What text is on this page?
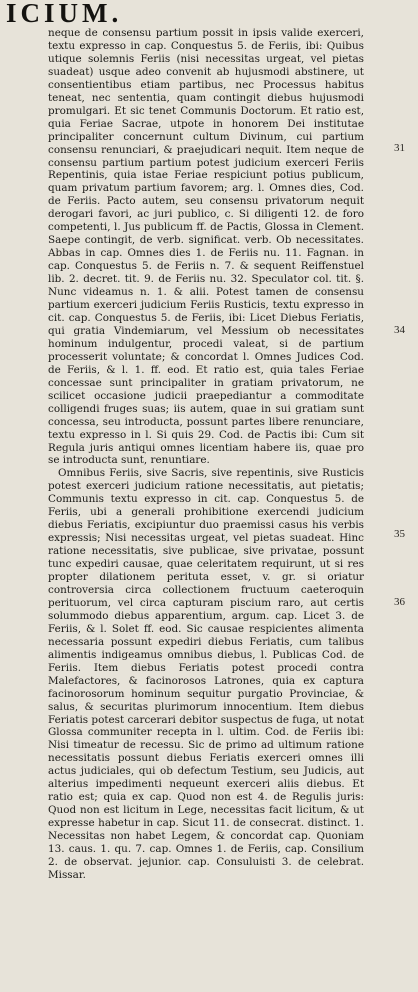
ICIUM.

neque de consensu partium possit in ipsis valide exerceri, textu expresso in cap. Conquestus 5. de Feriis, ibi: Quibus utique solemnis Feriis (nisi necessitas urgeat, vel pietas suadeat) usque adeo convenit ab hujusmodi abstinere, ut consentientibus etiam partibus, nec Processus habitus teneat, nec sententia, quam contingit diebus hujusmodi promulgari. Et sic tenet Communis Doctorum. Et ratio est, quia Feriae Sacrae, utpote in honorem Dei institutae principaliter concernunt cultum Divinum, cui partium consensu renunciari, & praejudicari nequit. Item neque de consensu partium partium potest judicium exerceri Feriis Repentinis, quia istae Feriae respiciunt potius publicum, quam privatum partium favorem; arg. l. Omnes dies, Cod. de Feriis. Pacto autem, seu consensu privatorum nequit derogari favori, ac juri publico, c. Si diligenti 12. de foro competenti, l. Jus publicum ff. de Pactis, Glossa in Clement. Saepe contingit, de verb. significat. verb. Ob necessitates. Abbas in cap. Omnes dies 1. de Feriis nu. 11. Fagnan. in cap. Conquestus 5. de Feriis n. 7. & sequent Reiffenstuel lib. 2. decret. tit. 9. de Feriis nu. 32. Speculator col. tit. §. Nunc videamus n. 1. & alii. Potest tamen de consensu partium exerceri judicium Feriis Rusticis, textu expresso in cit. cap. Conquestus 5. de Feriis, ibi: Licet Diebus Feriatis, qui gratia Vindemiarum, vel Messium ob necessitates hominum indulgentur, procedi valeat, si de partium processerit voluntate; & concordat l. Omnes Judices Cod. de Feriis, & l. 1. ff. eod. Et ratio est, quia tales Feriae concessae sunt principaliter in gratiam privatorum, ne scilicet occasione judicii praepediantur a commoditate colligendi fruges suas; iis autem, quae in sui gratiam sunt concessa, seu introducta, possunt partes libere renunciare, textu expresso in l. Si quis 29. Cod. de Pactis ibi: Cum sit Regula juris antiqui omnes licentiam habere iis, quae pro se introducta sunt, renuntiare.

Omnibus Feriis, sive Sacris, sive repentinis, sive Rusticis potest exerceri judicium ratione necessitatis, aut pietatis; Communis textu expresso in cit. cap. Conquestus 5. de Feriis, ubi a generali prohibitione exercendi judicium diebus Feriatis, excipiuntur duo praemissi casus his verbis expressis; Nisi necessitas urgeat, vel pietas suadeat. Hinc ratione necessitatis, sive publicae, sive privatae, possunt tunc expediri causae, quae celeritatem requirunt, ut si res propter dilationem perituta esset, v. gr. si oriatur controversia circa collectionem fructuum caeteroquin perituorum, vel circa capturam piscium raro, aut certis solummodo diebus apparentium, argum. cap. Licet 3. de Feriis, & l. Solet ff. eod. Sic causae respicientes alimenta necessaria possunt expediri diebus Feriatis, cum talibus alimentis indigeamus omnibus diebus, l. Publicas Cod. de Feriis. Item diebus Feriatis potest procedi contra Malefactores, & facinorosos Latrones, quia ex captura facinorosorum hominum sequitur purgatio Provinciae, & salus, & securitas plurimorum innocentium. Item diebus Feriatis potest carcerari debitor suspectus de fuga, ut notat Glossa communiter recepta in l. ultim. Cod. de Feriis ibi: Nisi timeatur de recessu. Sic de primo ad ultimum ratione necessitatis possunt diebus Feriatis exerceri omnes illi actus judiciales, qui ob defectum Testium, seu Judicis, aut alterius impedimenti nequeunt exerceri aliis diebus. Et ratio est; quia ex cap. Quod non est 4. de Regulis juris: Quod non est licitum in Lege, necessitas facit licitum, & ut expresse habetur in cap. Sicut 11. de consecrat. distinct. 1. Necessitas non habet Legem, & concordat cap. Quoniam 13. caus. 1. qu. 7. cap. Omnes 1. de Feriis, cap. Consilium 2. de observat. jejunior. cap. Consuluisti 3. de celebrat. Missar.

31
34
35
36
